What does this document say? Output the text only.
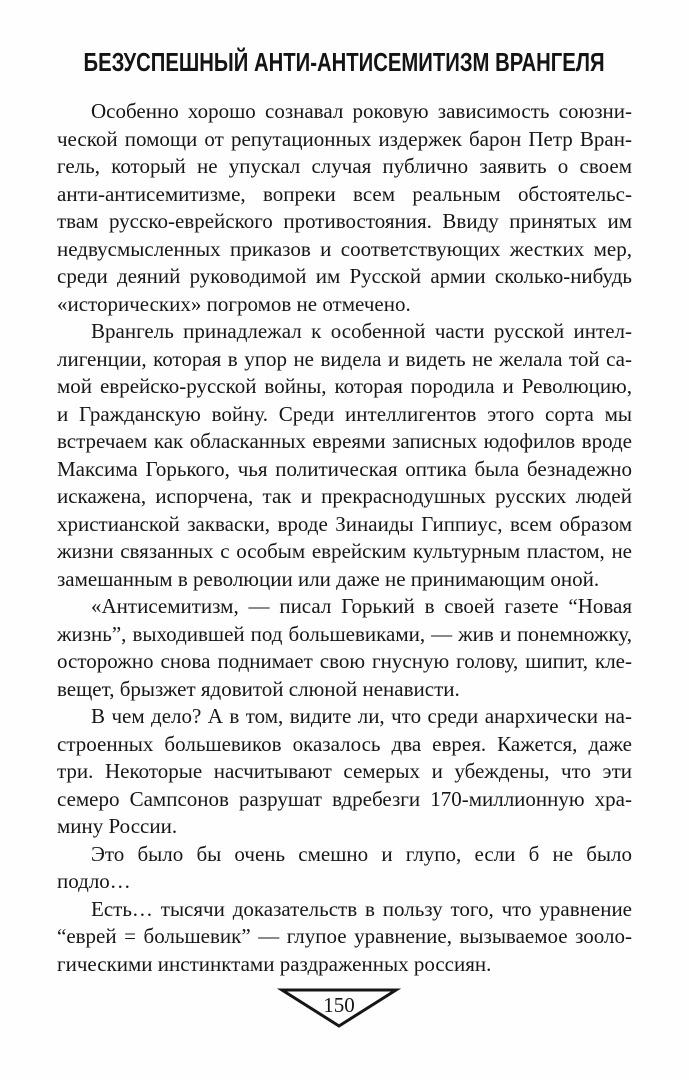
БЕЗУСПЕШНЫЙ АНТИ-АНТИСЕМИТИЗМ ВРАНГЕЛЯ
Особенно хорошо сознавал роковую зависимость союзни-
ческой помощи от репутационных издержек барон Петр Вран-
гель, который не упускал случая публично заявить о своем
анти-антисемитизме, вопреки всем реальным обстоятельс-
твам русско-еврейского противостояния. Ввиду принятых им
недвусмысленных приказов и соответствующих жестких мер,
среди деяний руководимой им Русской армии сколько-нибудь
«исторических» погромов не отмечено.
Врангель принадлежал к особенной части русской интел-
лигенции, которая в упор не видела и видеть не желала той са-
мой еврейско-русской войны, которая породила и Революцию,
и Гражданскую войну. Среди интеллигентов этого сорта мы
встречаем как обласканных евреями записных юдофилов вроде
Максима Горького, чья политическая оптика была безнадежно
искажена, испорчена, так и прекраснодушных русских людей
христианской закваски, вроде Зинаиды Гиппиус, всем образом
жизни связанных с особым еврейским культурным пластом, не
замешанным в революции или даже не принимающим оной.
«Антисемитизм, — писал Горький в своей газете “Новая
жизнь”, выходившей под большевиками, — жив и понемножку,
осторожно снова поднимает свою гнусную голову, шипит, кле-
вещет, брызжет ядовитой слюной ненависти.
В чем дело? А в том, видите ли, что среди анархически на-
строенных большевиков оказалось два еврея. Кажется, даже
три. Некоторые насчитывают семерых и убеждены, что эти
семеро Сампсонов разрушат вдребезги 170-миллионную хра-
мину России.
Это было бы очень смешно и глупо, если б не было
подло…
Есть… тысячи доказательств в пользу того, что уравнение
“еврей = большевик” — глупое уравнение, вызываемое зооло-
гическими инстинктами раздраженных россиян.
150
